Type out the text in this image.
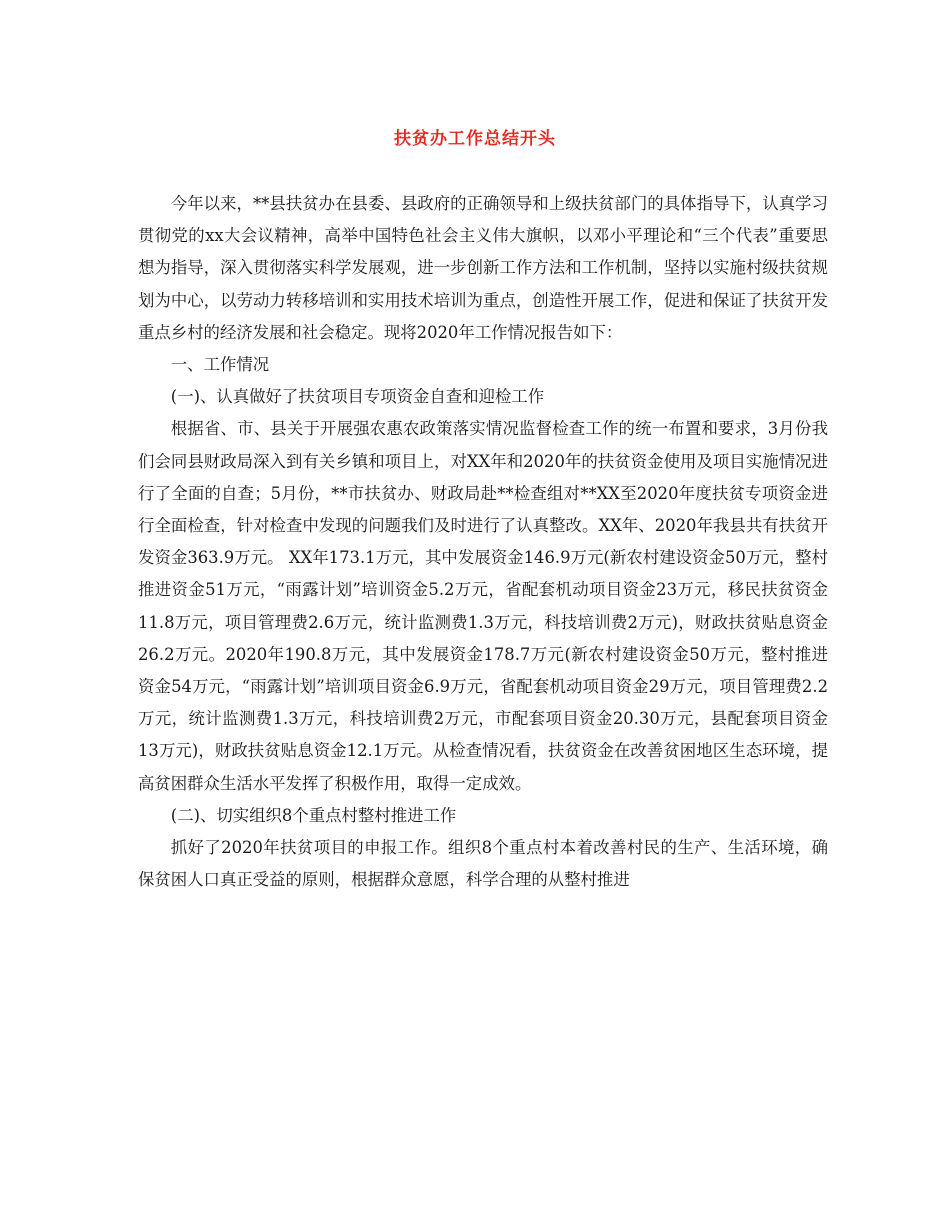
扶贫办工作总结开头

今年以来，**县扶贫办在县委、县政府的正确领导和上级扶贫部门的具体指导下，认真学习贯彻党的xx大会议精神，高举中国特色社会主义伟大旗帜，以邓小平理论和“三个代表”重要思想为指导，深入贯彻落实科学发展观，进一步创新工作方法和工作机制，坚持以实施村级扶贫规划为中心，以劳动力转移培训和实用技术培训为重点，创造性开展工作，促进和保证了扶贫开发重点乡村的经济发展和社会稳定。现将2020年工作情况报告如下：

一、工作情况

(一)、认真做好了扶贫项目专项资金自查和迎检工作

根据省、市、县关于开展强农惠农政策落实情况监督检查工作的统一布置和要求，3月份我们会同县财政局深入到有关乡镇和项目上，对XX年和2020年的扶贫资金使用及项目实施情况进行了全面的自查；5月份，**市扶贫办、财政局赴**检查组对**XX至2020年度扶贫专项资金进行全面检查，针对检查中发现的问题我们及时进行了认真整改。XX年、2020年我县共有扶贫开发资金363.9万元。 XX年173.1万元，其中发展资金146.9万元(新农村建设资金50万元，整村推进资金51万元，“雨露计划”培训资金5.2万元，省配套机动项目资金23万元，移民扶贫资金11.8万元，项目管理费2.6万元，统计监测费1.3万元，科技培训费2万元)，财政扶贫贴息资金26.2万元。2020年190.8万元，其中发展资金178.7万元(新农村建设资金50万元，整村推进资金54万元，“雨露计划”培训项目资金6.9万元，省配套机动项目资金29万元，项目管理费2.2万元，统计监测费1.3万元，科技培训费2万元，市配套项目资金20.30万元，县配套项目资金13万元)，财政扶贫贴息资金12.1万元。从检查情况看，扶贫资金在改善贫困地区生态环境，提高贫困群众生活水平发挥了积极作用，取得一定成效。

(二)、切实组织8个重点村整村推进工作

抓好了2020年扶贫项目的申报工作。组织8个重点村本着改善村民的生产、生活环境，确保贫困人口真正受益的原则，根据群众意愿，科学合理的从整村推进
